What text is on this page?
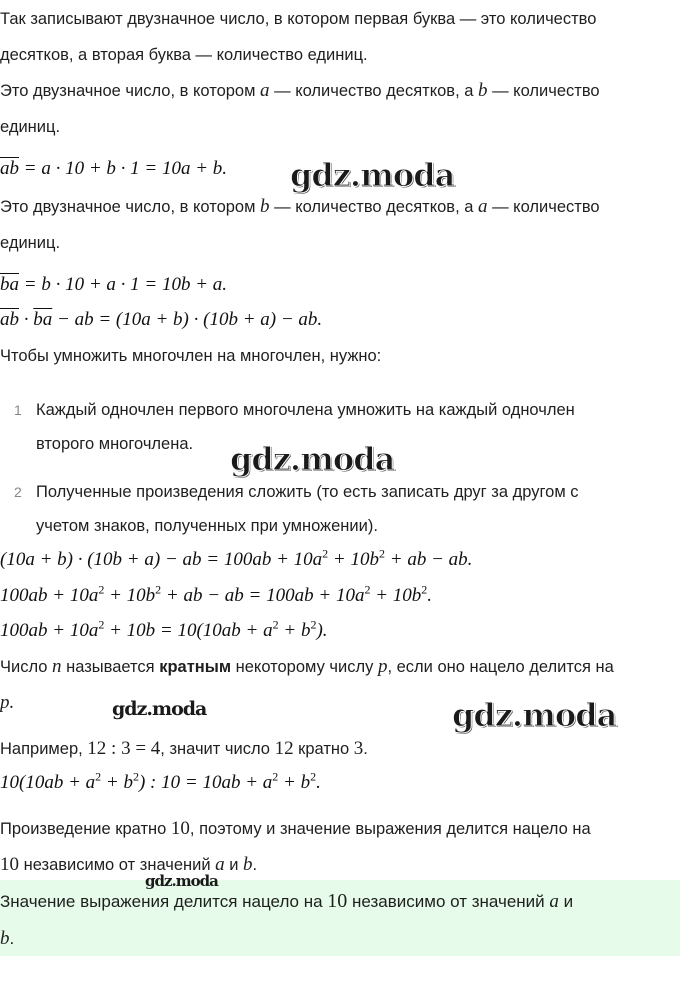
Так записывают двузначное число, в котором первая буква — это количество
десятков, а вторая буква — количество единиц.
Это двузначное число, в котором a — количество десятков, а b — количество
единиц.
$\overline{ab} = a \cdot 10 + b \cdot 1 = 10a + b$.
Это двузначное число, в котором b — количество десятков, а a — количество
единиц.
$\overline{ba} = b \cdot 10 + a \cdot 1 = 10b + a$.
$\overline{ab} \cdot \overline{ba}$ − ab = (10a + b) · (10b + a) − ab.
Чтобы умножить многочлен на многочлен, нужно:
1 Каждый одночлен первого многочлена умножить на каждый одночлен
второго многочлена.
2 Полученные произведения сложить (то есть записать друг за другом с
учетом знаков, полученных при умножении).
(10a + b) · (10b + a) − ab = $100ab + 10a^2 + 10b^2$ + ab − ab.
$100ab + 10a^2 + 10b^2$ + ab − ab = $100ab + 10a^2 + 10b^2$.
$100ab + 10a^2 + 10b = 10(10ab + a^2 + b^2)$.
Число n называется кратным некоторому числу p, если оно нацело делится на
p.
Например, 12 : 3 = 4, значит число 12 кратно 3.
$10(10ab + a^2 + b^2)$ : $10 = 10ab + a^2 + b^2$.
Произведение кратно 10, поэтому и значение выражения делится нацело на
10 независимо от значений a и b.
Значение выражения делится нацело на 10 независимо от значений a и
b.
gdz.moda
gdz.moda
gdz.moda	gdz.moda
gdz.moda
